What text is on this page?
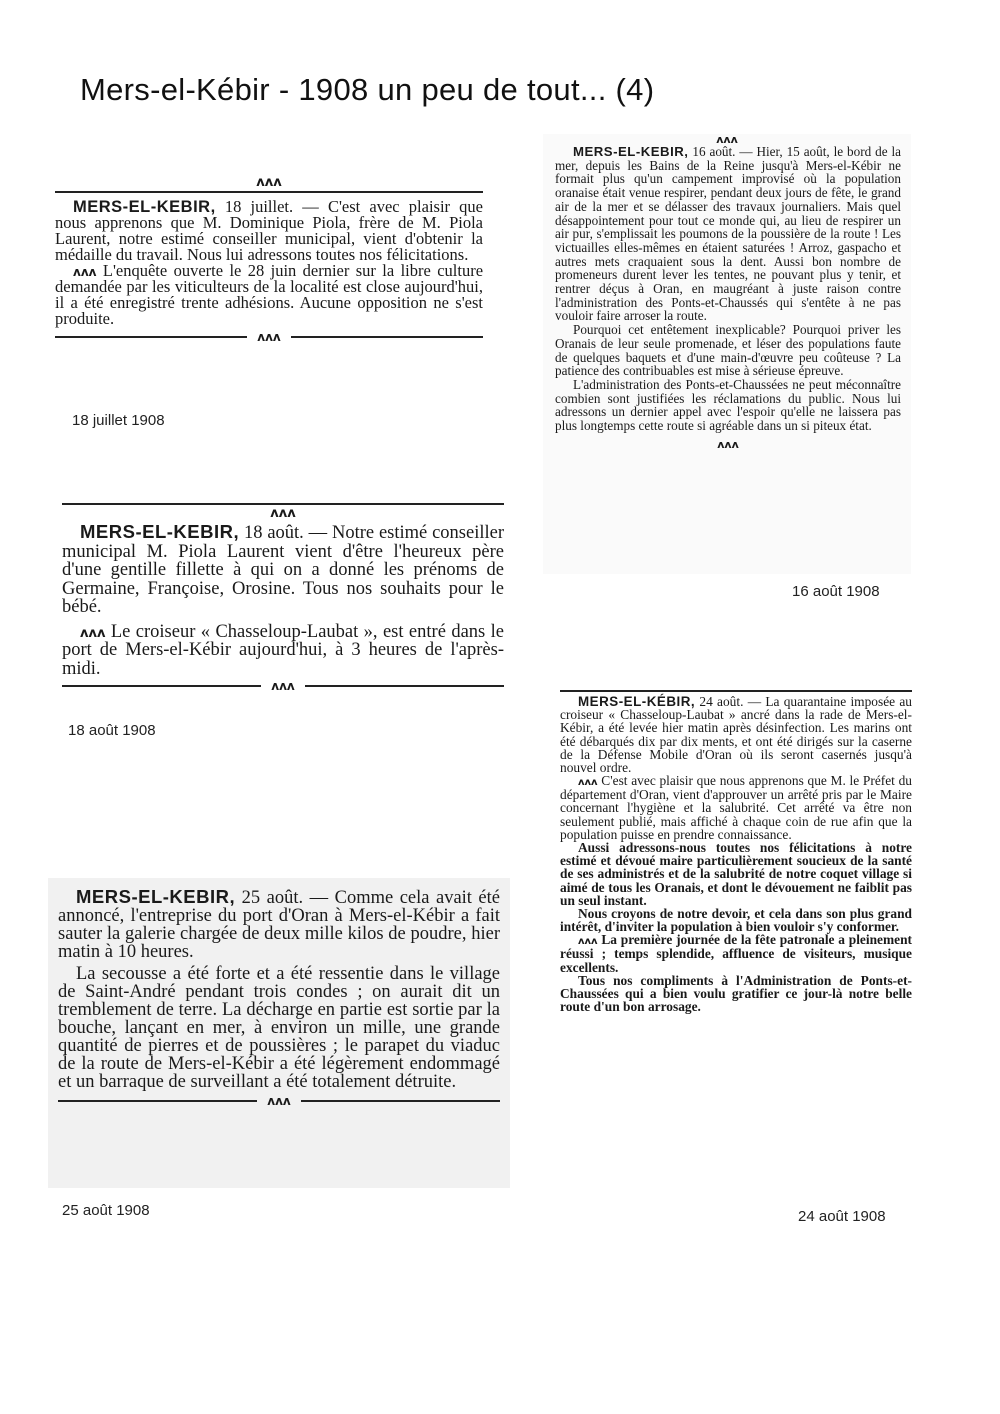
Mers-el-Kébir - 1908 un peu de tout... (4)
ʌʌʌ

MERS-EL-KEBIR, 18 juillet. — C'est avec plaisir que nous apprenons que M. Dominique Piola, frère de M. Piola Laurent, notre estimé conseiller municipal, vient d'obtenir la médaille du travail. Nous lui adressons toutes nos félicitations.

ʌʌʌ L'enquête ouverte le 28 juin dernier sur la libre culture demandée par les viticulteurs de la localité est close aujourd'hui, il a été enregistré trente adhésions. Aucune opposition ne s'est produite.

ʌʌʌ
18 juillet 1908
ʌʌʌ

MERS-EL-KEBIR, 18 août. — Notre estimé conseiller municipal M. Piola Laurent vient d'être l'heureux père d'une gentille fillette à qui on a donné les prénoms de Germaine, Françoise, Orosine. Tous nos souhaits pour le bébé.

ʌʌʌ Le croiseur « Chasseloup-Laubat », est entré dans le port de Mers-el-Kébir aujourd'hui, à 3 heures de l'après-midi.

ʌʌʌ
18 août 1908

MERS-EL-KEBIR, 25 août. — Comme cela avait été annoncé, l'entreprise du port d'Oran à Mers-el-Kébir a fait sauter la galerie chargée de deux mille kilos de poudre, hier matin à 10 heures.

La secousse a été forte et a été ressentie dans le village de Saint-André pendant trois condes ; on aurait dit un tremblement de terre. La décharge en partie est sortie par la bouche, lançant en mer, à environ un mille, une grande quantité de pierres et de poussières ; le parapet du viaduc de la route de Mers-el-Kébir a été légèrement endommagé et un barraque de surveillant a été totalement détruite.

ʌʌʌ
25 août 1908
ʌʌʌ

MERS-EL-KEBIR, 16 août. — Hier, 15 août, le bord de la mer, depuis les Bains de la Reine jusqu'à Mers-el-Kébir ne formait plus qu'un campement improvisé où la population oranaise était venue respirer, pendant deux jours de fête, le grand air de la mer et se délasser des travaux journaliers. Mais quel désappointement pour tout ce monde qui, au lieu de respirer un air pur, s'emplissait les poumons de la poussière de la route ! Les victuailles elles-mêmes en étaient saturées ! Arroz, gaspacho et autres mets craquaient sous la dent. Aussi bon nombre de promeneurs durent lever les tentes, ne pouvant plus y tenir, et rentrer déçus à Oran, en maugréant à juste raison contre l'administration des Ponts-et-Chaussés qui s'entête à ne pas vouloir faire arroser la route.

Pourquoi cet entêtement inexplicable? Pourquoi priver les Oranais de leur seule promenade, et léser des populations faute de quelques baquets et d'une main-d'œuvre peu coûteuse ? La patience des contribuables est mise à sérieuse épreuve.

L'administration des Ponts-et-Chaussées ne peut méconnaître combien sont justifiées les réclamations du public. Nous lui adressons un dernier appel avec l'espoir qu'elle ne laissera pas plus longtemps cette route si agréable dans un si piteux état.

ʌʌʌ
16 août 1908

MERS-EL-KÉBIR, 24 août. — La quarantaine imposée au croiseur « Chasseloup-Laubat » ancré dans la rade de Mers-el-Kébir, a été levée hier matin après désinfection. Les marins ont été débarqués dix par dix ments, et ont été dirigés sur la caserne de la Défense Mobile d'Oran où ils seront casernés jusqu'à nouvel ordre.

ʌʌʌ C'est avec plaisir que nous apprenons que M. le Préfet du département d'Oran, vient d'approuver un arrêté pris par le Maire concernant l'hygiène et la salubrité. Cet arrêté va être non seulement publié, mais affiché à chaque coin de rue afin que la population puisse en prendre connaissance.

Aussi adressons-nous toutes nos félicitations à notre estimé et dévoué maire particulièrement soucieux de la santé de ses administrés et de la salubrité de notre coquet village si aimé de tous les Oranais, et dont le dévouement ne faiblit pas un seul instant.

Nous croyons de notre devoir, et cela dans son plus grand intérêt, d'inviter la population à bien vouloir s'y conformer.

ʌʌʌ La première journée de la fête patronale a pleinement réussi ; temps splendide, affluence de visiteurs, musique excellents.

Tous nos compliments à l'Administration de Ponts-et-Chaussées qui a bien voulu gratifier ce jour-là notre belle route d'un bon arrosage.

24 août 1908
